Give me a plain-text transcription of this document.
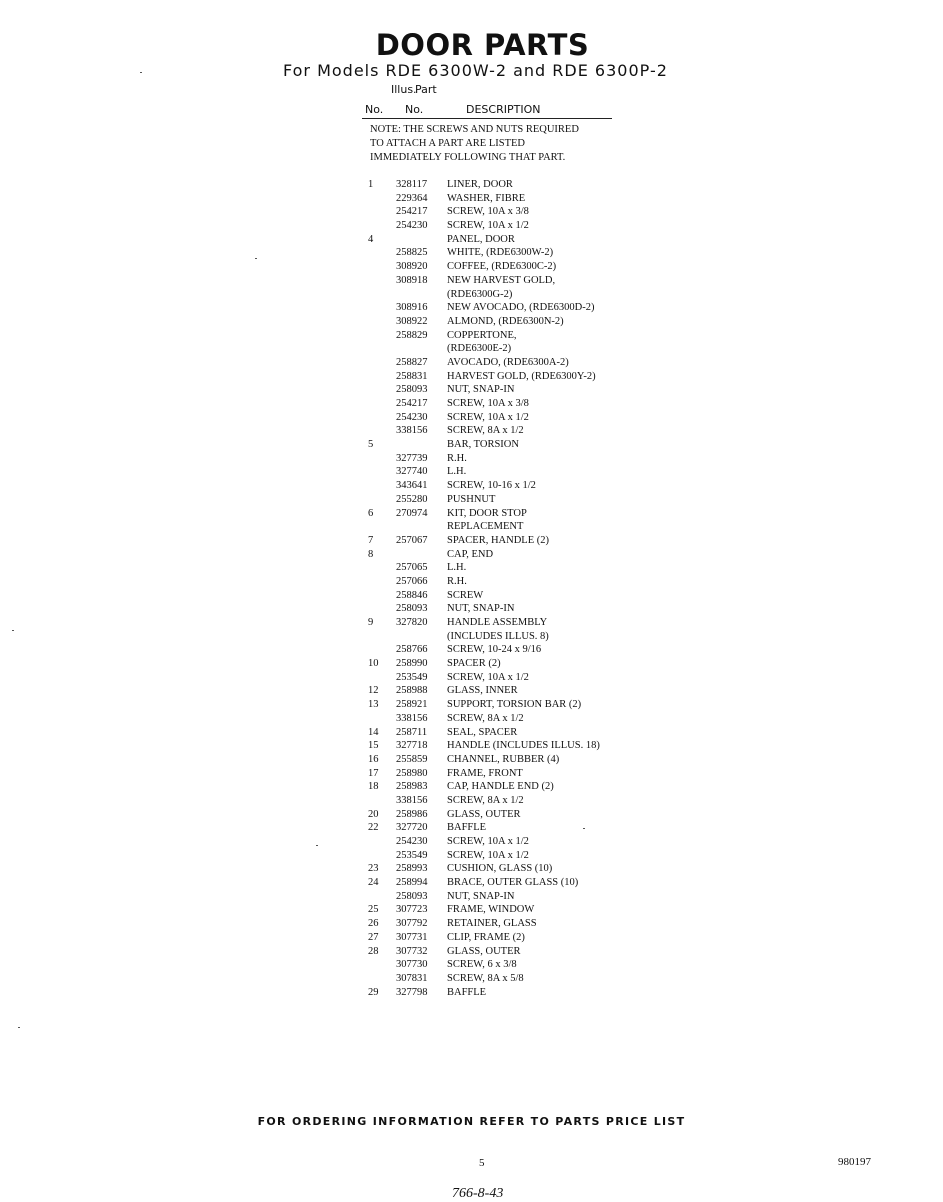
DOOR PARTS
For Models RDE 6300W-2 and RDE 6300P-2
Illus.
Part
No. No.	DESCRIPTION
NOTE: THE SCREWS AND NUTS REQUIRED
TO ATTACH A PART ARE LISTED
IMMEDIATELY FOLLOWING THAT PART.
1 328117 LINER, DOOR
229364 WASHER, FIBRE
254217 SCREW, 10A x 3/8
254230 SCREW, 10A x 1/2
4	PANEL, DOOR
258825 WHITE, (RDE6300W-2)
308920 COFFEE, (RDE6300C-2)
308918 NEW HARVEST GOLD,
(RDE6300G-2)
308916 NEW AVOCADO, (RDE6300D-2)
308922 ALMOND, (RDE6300N-2)
258829 COPPERTONE,
(RDE6300E-2)
258827 AVOCADO, (RDE6300A-2)
258831 HARVEST GOLD, (RDE6300Y-2)
258093 NUT, SNAP-IN
254217 SCREW, 10A x 3/8
254230 SCREW, 10A x 1/2
338156 SCREW, 8A x 1/2
5	BAR, TORSION
327739 R.H.
327740 L.H.
343641 SCREW, 10-16 x 1/2
255280 PUSHNUT
6 270974 KIT, DOOR STOP
REPLACEMENT
7 257067 SPACER, HANDLE (2)
8	CAP, END
257065 L.H.
257066 R.H.
258846 SCREW
258093 NUT, SNAP-IN
9 327820 HANDLE ASSEMBLY
(INCLUDES ILLUS. 8)
258766 SCREW, 10-24 x 9/16
10 258990 SPACER (2)
253549 SCREW, 10A x 1/2
12 258988 GLASS, INNER
13 258921 SUPPORT, TORSION BAR (2)
338156 SCREW, 8A x 1/2
14 258711 SEAL, SPACER
15 327718 HANDLE (INCLUDES ILLUS. 18)
16 255859 CHANNEL, RUBBER (4)
17 258980 FRAME, FRONT
18 258983 CAP, HANDLE END (2)
338156 SCREW, 8A x 1/2
20 258986 GLASS, OUTER
22 327720 BAFFLE
254230 SCREW, 10A x 1/2
253549 SCREW, 10A x 1/2
23 258993 CUSHION, GLASS (10)
24 258994 BRACE, OUTER GLASS (10)
258093 NUT, SNAP-IN
25 307723 FRAME, WINDOW
26 307792 RETAINER, GLASS
27 307731 CLIP, FRAME (2)
28 307732 GLASS, OUTER
307730 SCREW, 6 x 3/8
307831 SCREW, 8A x 5/8
29 327798 BAFFLE
FOR ORDERING INFORMATION REFER TO PARTS PRICE LIST
5	980197
766-8-43
